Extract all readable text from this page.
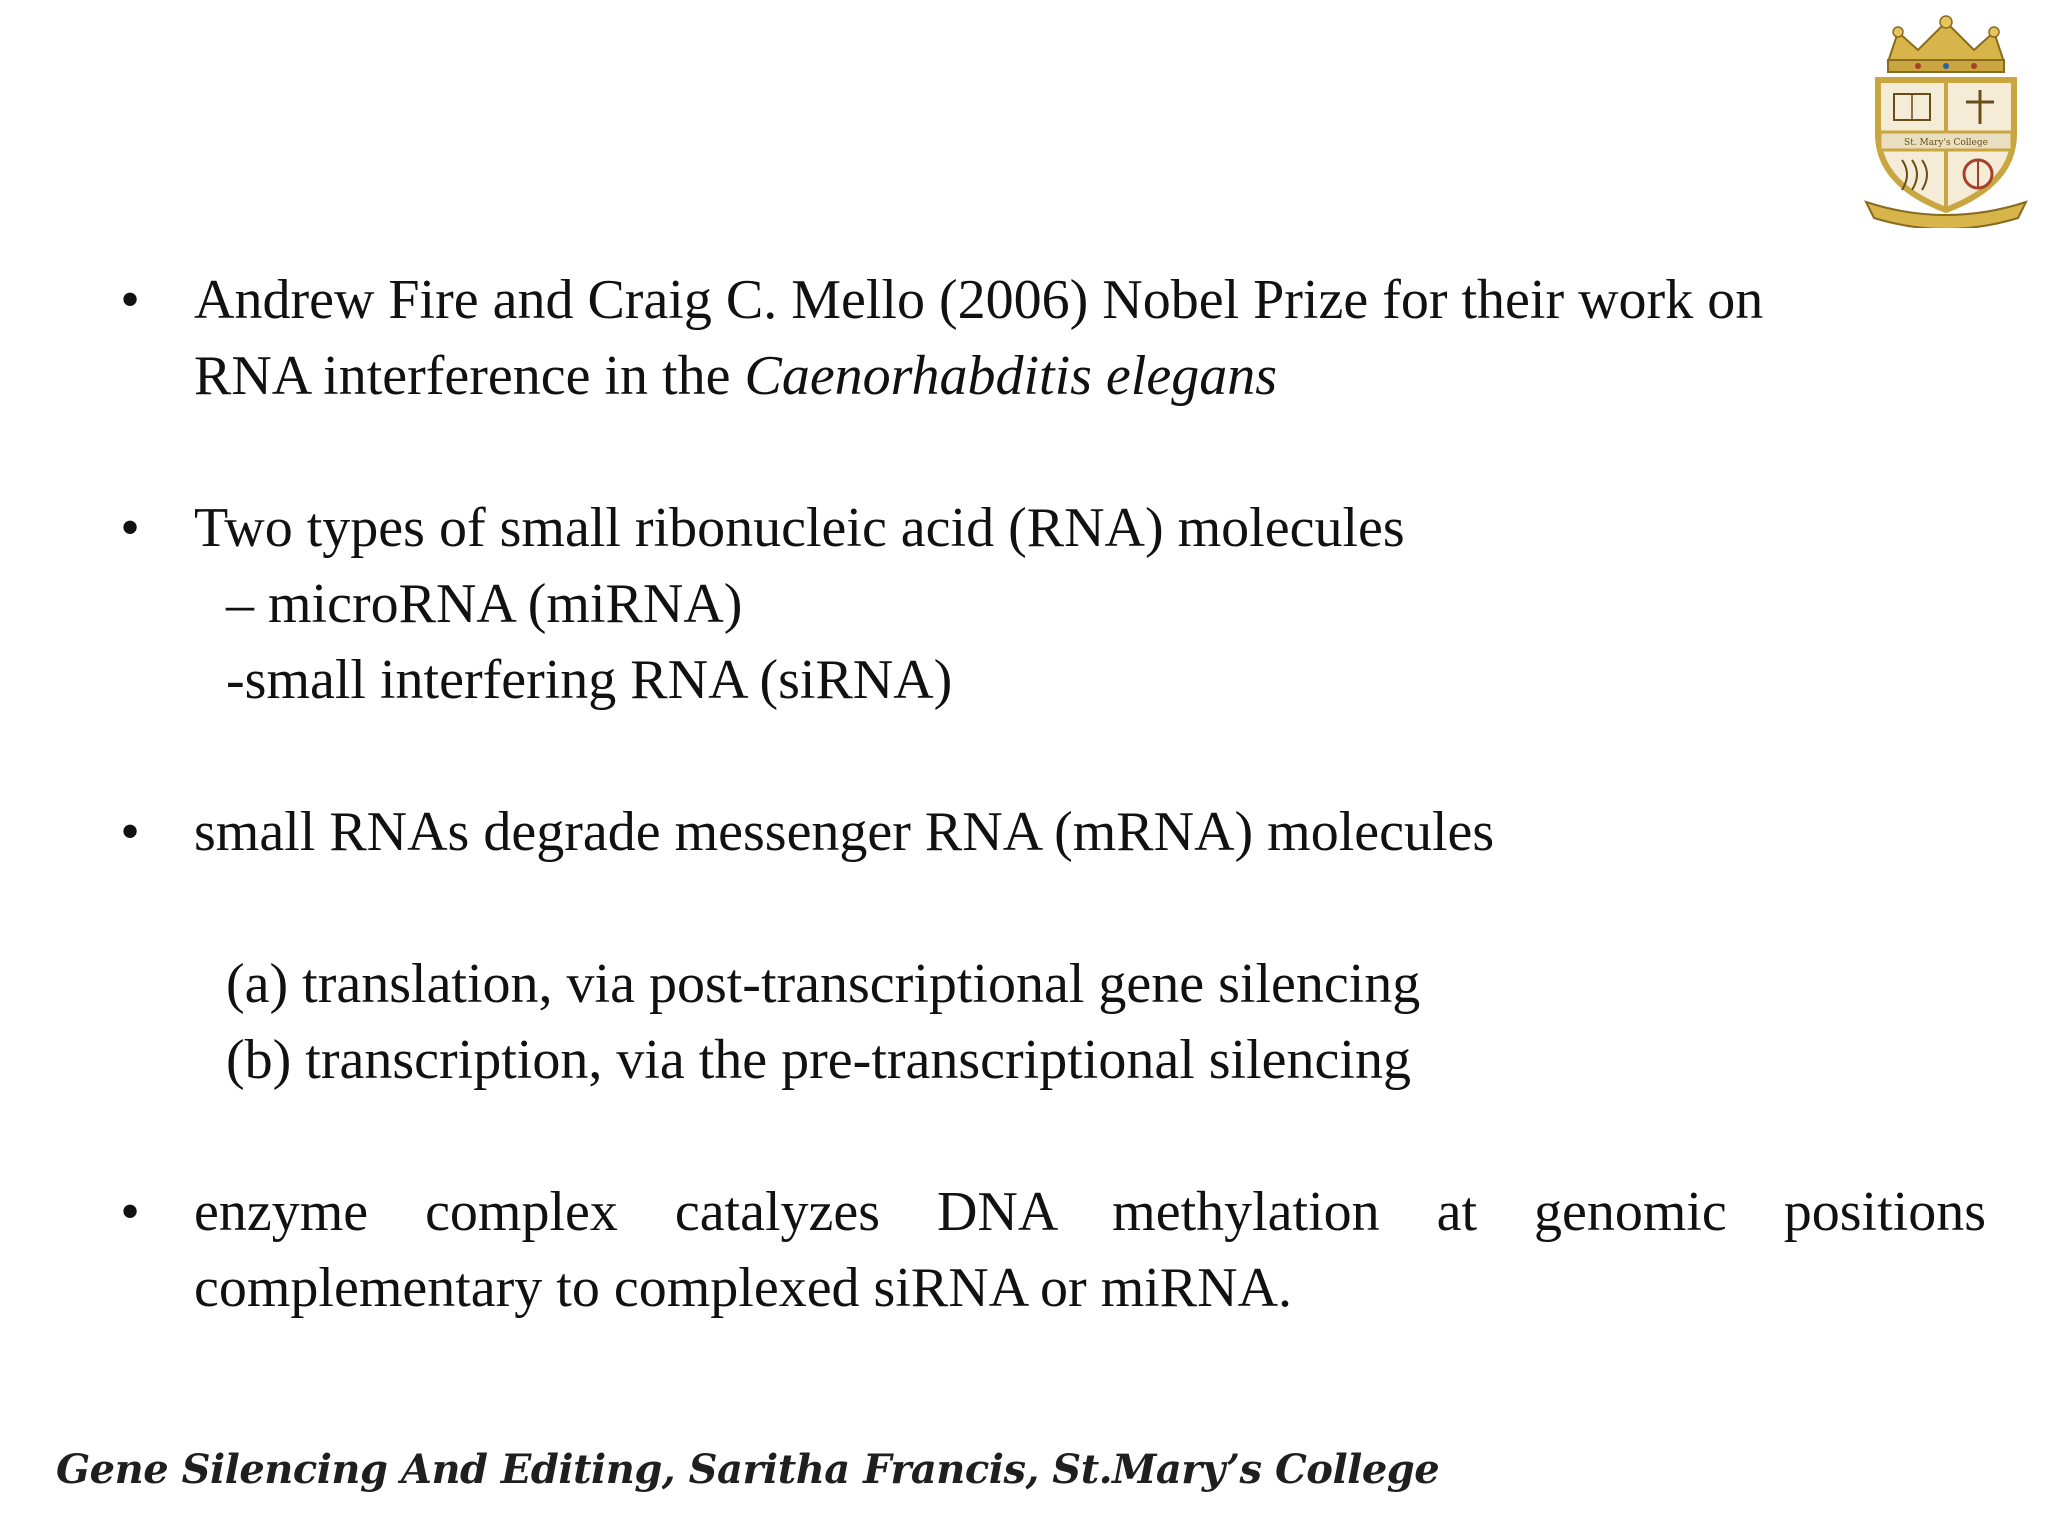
St. Mary's College
• Andrew Fire and Craig C. Mello (2006) Nobel Prize for their work on
RNA interference in the Caenorhabditis elegans
• Two types of small ribonucleic acid (RNA) molecules
– microRNA (miRNA)
-small interfering RNA (siRNA)
• small RNAs degrade messenger RNA (mRNA) molecules
(a) translation, via post-transcriptional gene silencing
(b) transcription, via the pre-transcriptional silencing
• enzyme complex catalyzes DNA methylation at genomic positions complementary to complexed siRNA or miRNA.
Gene Silencing And Editing, Saritha Francis, St.Mary’s College
